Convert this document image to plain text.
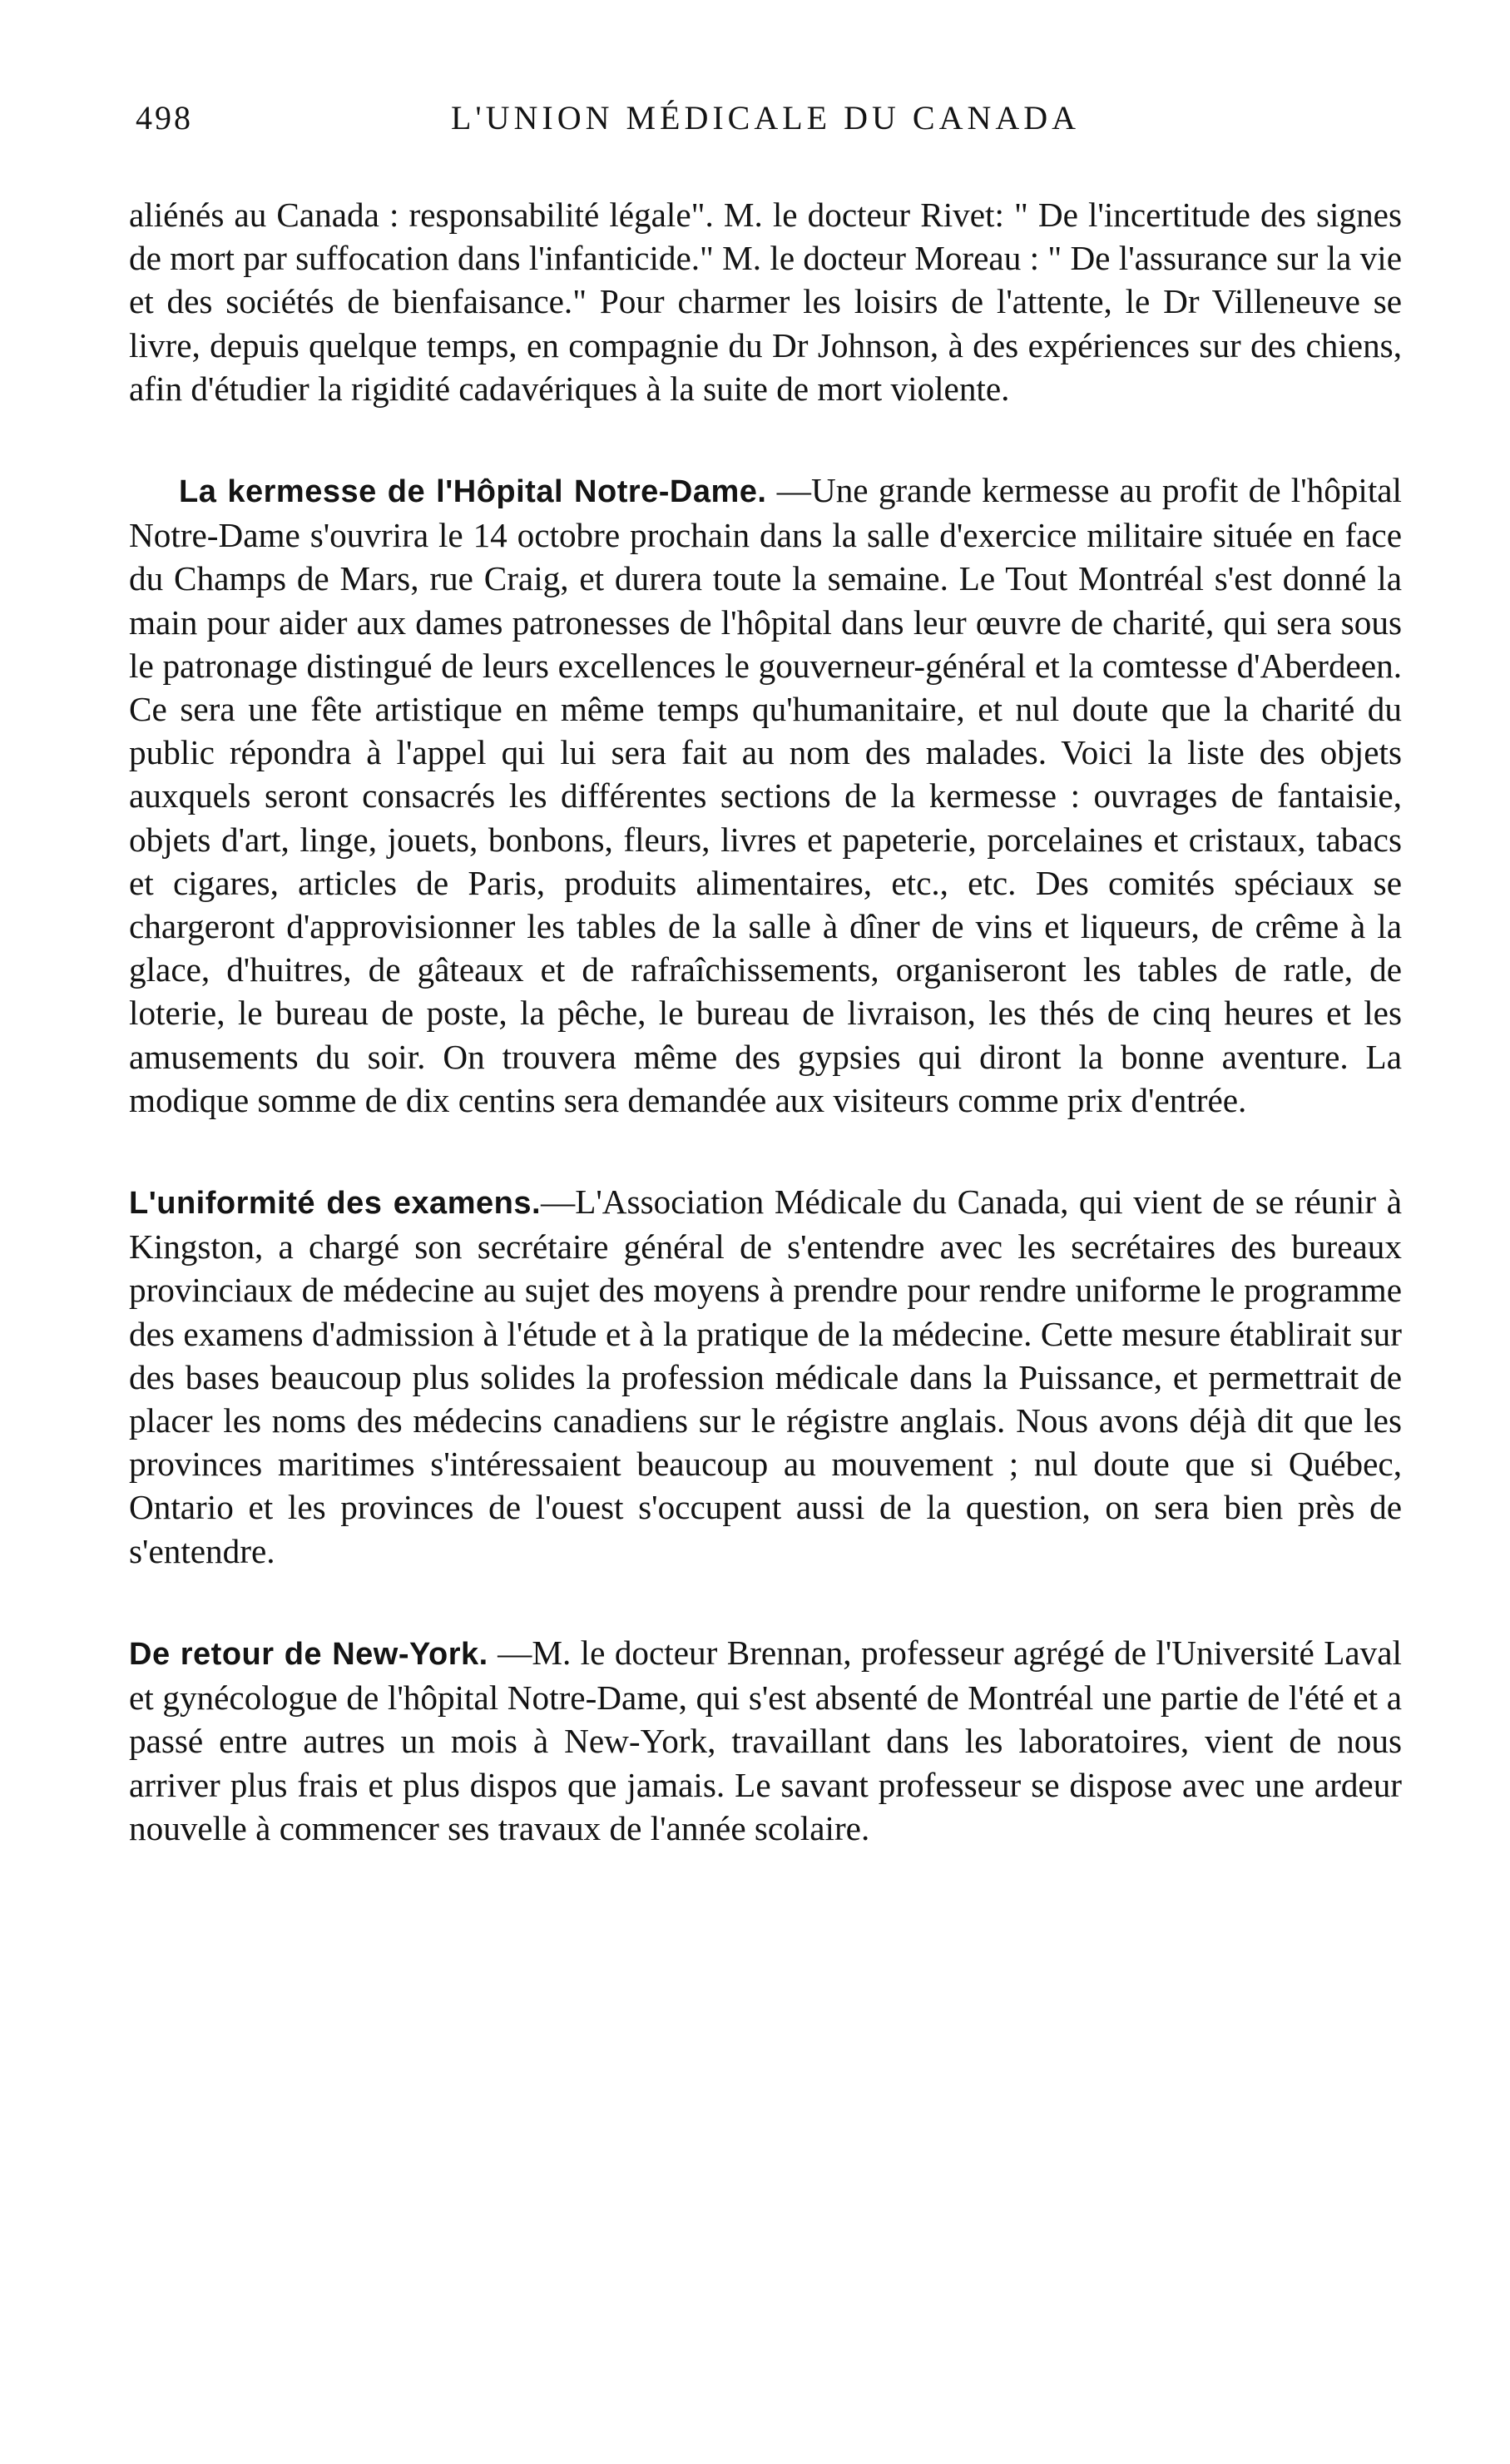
498	L'UNION MÉDICALE DU CANADA

aliénés au Canada : responsabilité légale". M. le docteur Rivet: " De l'incertitude des signes de mort par suffocation dans l'infanticide." M. le docteur Moreau : " De l'assurance sur la vie et des sociétés de bienfaisance." Pour charmer les loisirs de l'attente, le Dr Villeneuve se livre, depuis quelque temps, en compagnie du Dr Johnson, à des expériences sur des chiens, afin d'étudier la rigidité cadavériques à la suite de mort violente.

La kermesse de l'Hôpital Notre-Dame. —Une grande kermesse au profit de l'hôpital Notre-Dame s'ouvrira le 14 octobre prochain dans la salle d'exercice militaire située en face du Champs de Mars, rue Craig, et durera toute la semaine. Le Tout Montréal s'est donné la main pour aider aux dames patronesses de l'hôpital dans leur œuvre de charité, qui sera sous le patronage distingué de leurs excellences le gouverneur-général et la comtesse d'Aberdeen. Ce sera une fête artistique en même temps qu'humanitaire, et nul doute que la charité du public répondra à l'appel qui lui sera fait au nom des malades. Voici la liste des objets auxquels seront consacrés les différentes sections de la kermesse : ouvrages de fantaisie, objets d'art, linge, jouets, bonbons, fleurs, livres et papeterie, porcelaines et cristaux, tabacs et cigares, articles de Paris, produits alimentaires, etc., etc. Des comités spéciaux se chargeront d'approvisionner les tables de la salle à dîner de vins et liqueurs, de crême à la glace, d'huitres, de gâteaux et de rafraîchissements, organiseront les tables de ratle, de loterie, le bureau de poste, la pêche, le bureau de livraison, les thés de cinq heures et les amusements du soir. On trouvera même des gypsies qui diront la bonne aventure. La modique somme de dix centins sera demandée aux visiteurs comme prix d'entrée.

L'uniformité des examens.—L'Association Médicale du Canada, qui vient de se réunir à Kingston, a chargé son secrétaire général de s'entendre avec les secrétaires des bureaux provinciaux de médecine au sujet des moyens à prendre pour rendre uniforme le programme des examens d'admission à l'étude et à la pratique de la médecine. Cette mesure établirait sur des bases beaucoup plus solides la profession médicale dans la Puissance, et permettrait de placer les noms des médecins canadiens sur le régistre anglais. Nous avons déjà dit que les provinces maritimes s'intéressaient beaucoup au mouvement ; nul doute que si Québec, Ontario et les provinces de l'ouest s'occupent aussi de la question, on sera bien près de s'entendre.

De retour de New-York. —M. le docteur Brennan, professeur agrégé de l'Université Laval et gynécologue de l'hôpital Notre-Dame, qui s'est absenté de Montréal une partie de l'été et a passé entre autres un mois à New-York, travaillant dans les laboratoires, vient de nous arriver plus frais et plus dispos que jamais. Le savant professeur se dispose avec une ardeur nouvelle à commencer ses travaux de l'année scolaire.
